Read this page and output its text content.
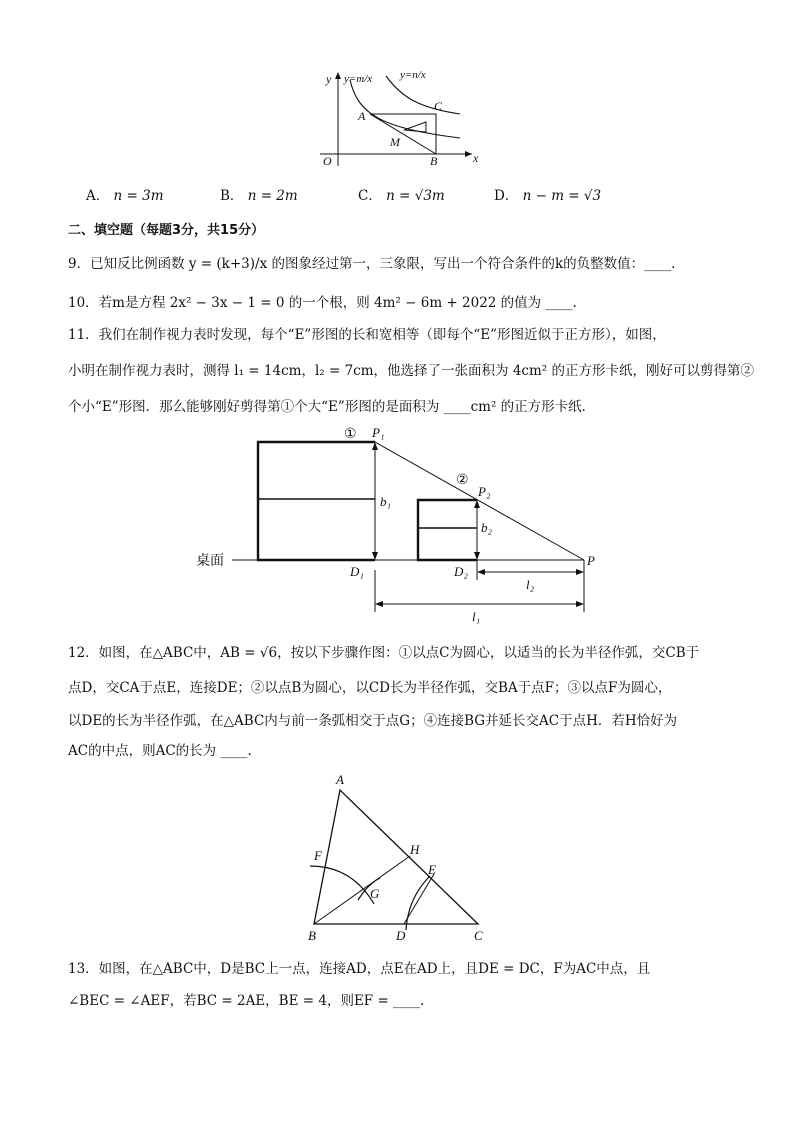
y
x
O
y=m/x	y=n/x
A
C
M
B
A． n = 3m	B． n = 2m	C． n = √3m	D． n − m = √3
二、填空题（每题3分，共15分）
9．已知反比例函数 y = (k+3)/x 的图象经过第一，三象限，写出一个符合条件的k的负整数值：____.
10．若m是方程 2x² − 3x − 1 = 0 的一个根，则 4m² − 6m + 2022 的值为 ____.
11．我们在制作视力表时发现，每个“E”形图的长和宽相等（即每个“E”形图近似于正方形），如图，
小明在制作视力表时，测得 l₁ = 14cm，l₂ = 7cm，他选择了一张面积为 4cm² 的正方形卡纸，刚好可以剪得第②
个小“E”形图．那么能够刚好剪得第①个大“E”形图的是面积为 ____cm² 的正方形卡纸．
① P₁
②
P₂
P
b₁
b₂
D₁	D₂
l₂
l₁
桌面
12．如图，在△ABC中，AB = √6，按以下步骤作图：①以点C为圆心，以适当的长为半径作弧，交CB于
点D，交CA于点E，连接DE；②以点B为圆心，以CD长为半径作弧，交BA于点F；③以点F为圆心，
以DE的长为半径作弧，在△ABC内与前一条弧相交于点G；④连接BG并延长交AC于点H．若H恰好为
AC的中点，则AC的长为 ____.
A
B	C
D
E
F
G
H
13．如图，在△ABC中，D是BC上一点，连接AD，点E在AD上，且DE = DC，F为AC中点，且
∠BEC = ∠AEF，若BC = 2AE，BE = 4，则EF = ____.
